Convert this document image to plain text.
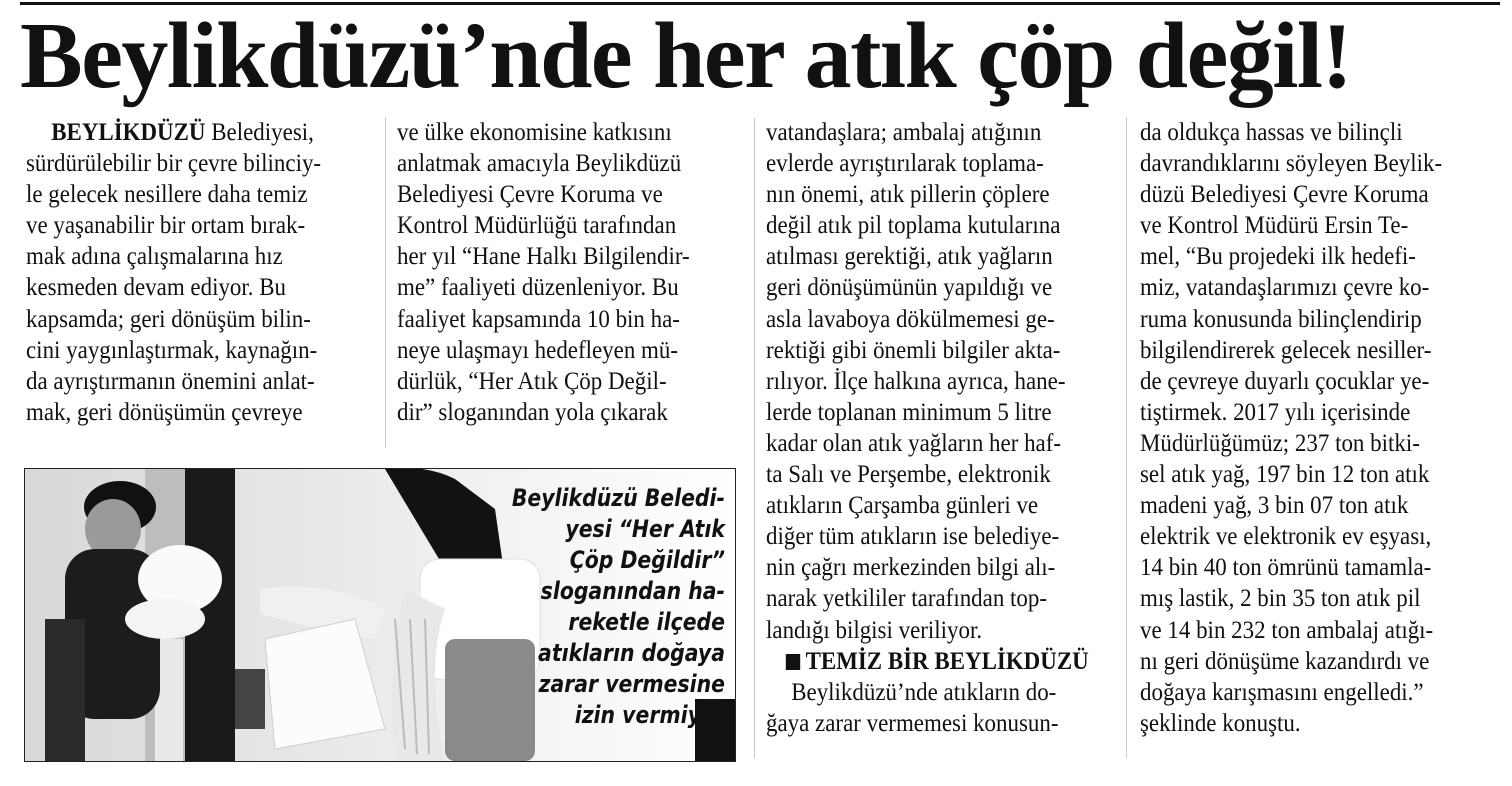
Beylikdüzü’nde her atık çöp değil!
BEYLİKDÜZÜ Belediyesi,
sürdürülebilir bir çevre bilinciy-
le gelecek nesillere daha temiz
ve yaşanabilir bir ortam bırak-
mak adına çalışmalarına hız
kesmeden devam ediyor. Bu
kapsamda; geri dönüşüm bilin-
cini yaygınlaştırmak, kaynağın-
da ayrıştırmanın önemini anlat-
mak, geri dönüşümün çevreye
ve ülke ekonomisine katkısını
anlatmak amacıyla Beylikdüzü
Belediyesi Çevre Koruma ve
Kontrol Müdürlüğü tarafından
her yıl “Hane Halkı Bilgilendir-
me” faaliyeti düzenleniyor. Bu
faaliyet kapsamında 10 bin ha-
neye ulaşmayı hedefleyen mü-
dürlük, “Her Atık Çöp Değil-
dir” sloganından yola çıkarak
vatandaşlara; ambalaj atığının
evlerde ayrıştırılarak toplama-
nın önemi, atık pillerin çöplere
değil atık pil toplama kutularına
atılması gerektiği, atık yağların
geri dönüşümünün yapıldığı ve
asla lavaboya dökülmemesi ge-
rektiği gibi önemli bilgiler akta-
rılıyor. İlçe halkına ayrıca, hane-
lerde toplanan minimum 5 litre
kadar olan atık yağların her haf-
ta Salı ve Perşembe, elektronik
atıkların Çarşamba günleri ve
diğer tüm atıkların ise belediye-
nin çağrı merkezinden bilgi alı-
narak yetkililer tarafından top-
landığı bilgisi veriliyor.
TEMİZ BİR BEYLİKDÜZÜ
Beylikdüzü’nde atıkların do-
ğaya zarar vermemesi konusun-
da oldukça hassas ve bilinçli
davrandıklarını söyleyen Beylik-
düzü Belediyesi Çevre Koruma
ve Kontrol Müdürü Ersin Te-
mel, “Bu projedeki ilk hedefi-
miz, vatandaşlarımızı çevre ko-
ruma konusunda bilinçlendirip
bilgilendirerek gelecek nesiller-
de çevreye duyarlı çocuklar ye-
tiştirmek. 2017 yılı içerisinde
Müdürlüğümüz; 237 ton bitki-
sel atık yağ, 197 bin 12 ton atık
madeni yağ, 3 bin 07 ton atık
elektrik ve elektronik ev eşyası,
14 bin 40 ton ömrünü tamamla-
mış lastik, 2 bin 35 ton atık pil
ve 14 bin 232 ton ambalaj atığı-
nı geri dönüşüme kazandırdı ve
doğaya karışmasını engelledi.”
şeklinde konuştu.
Beylikdüzü Beledi-
yesi “Her Atık
Çöp Değildir”
sloganından ha-
reketle ilçede
atıkların doğaya
zarar vermesine
izin vermiyor
